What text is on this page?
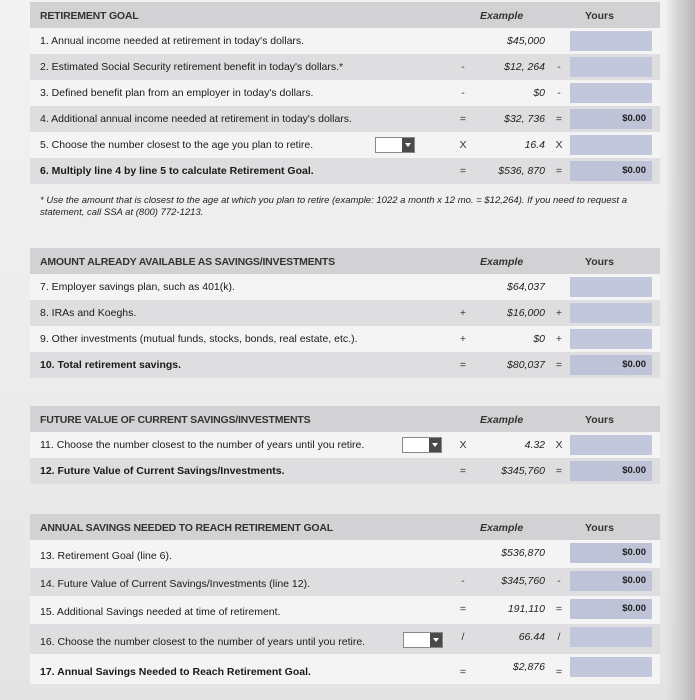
RETIREMENT GOAL	Example	Yours
1. Annual income needed at retirement in today's dollars.	$45,000
2. Estimated Social Security retirement benefit in today's dollars.*	-	$12, 264	-
3. Defined benefit plan from an employer in today's dollars.	-	$0	-
4. Additional annual income needed at retirement in today's dollars.	=	$32, 736	=	$0.00
5. Choose the number closest to the age you plan to retire.	X	16.4 X
6. Multiply line 4 by line 5 to calculate Retirement Goal.	=	$536, 870	=	$0.00
* Use the amount that is closest to the age at which you plan to retire (example: 1022 a month x 12 mo. = $12,264). If you need to request a statement, call SSA at (800) 772-1213.
AMOUNT ALREADY AVAILABLE AS SAVINGS/INVESTMENTS	Example	Yours
7. Employer savings plan, such as 401(k).	$64,037
8. IRAs and Koeghs.	+	$16,000	+
9. Other investments (mutual funds, stocks, bonds, real estate, etc.).	+	$0	+
10. Total retirement savings.	=	$80,037	=	$0.00
FUTURE VALUE OF CURRENT SAVINGS/INVESTMENTS	Example	Yours
11. Choose the number closest to the number of years until you retire.	X	4.32 X
12. Future Value of Current Savings/Investments.	=	$345,760	=	$0.00
ANNUAL SAVINGS NEEDED TO REACH RETIREMENT GOAL	Example	Yours
13. Retirement Goal (line 6).	$536,870	$0.00
14. Future Value of Current Savings/Investments (line 12).	-	$345,760	-	$0.00
15. Additional Savings needed at time of retirement.	=	191,110	=	$0.00
16. Choose the number closest to the number of years until you retire.	/	66.44	/
17. Annual Savings Needed to Reach Retirement Goal.	=	$2,876	=
